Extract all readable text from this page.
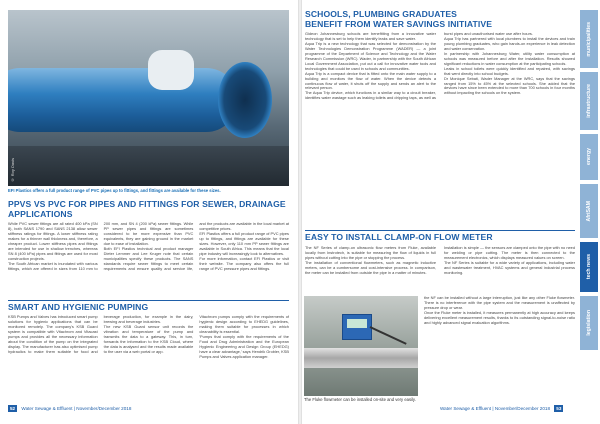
© Roy Davis
EFI Plastics offers a full product range of PVC pipes up to fittings, and fittings are available for these sizes.
PPVS VS PVC FOR PIPES AND FITTINGS FOR SEWER, DRAINAGE APPLICATIONS

While PVC sewer fittings are all rated 400 kPa (SN 8), both SANS 1790 and SANS 2138 allow sewer stiffness ratings for fittings. A lower stiffness rating makes for a thinner wall thickness and, therefore, a cheaper product. Lower stiffness pipes and fittings are intended for use in shallow trenches, whereas SN 8 (400 kPa) pipes and fittings are used for most construction projects.

The South African market is inundated with various fittings, which are offered in sizes from 110 mm to 200 mm, and SN 4 (200 kPa) sewer fittings. While PP sewer pipes and fittings are sometimes considered to be more expensive than PVC equivalents, they are gaining ground in the market due to ease of installation.

Both EFI Plastics technical and product manager Dieter Lemmer and Lee Kruger note that certain municipalities specify these products. The SANS standards require sewer fittings to meet certain requirements and ensure quality and service life, and the products are available in the local market at competitive prices.

EFI Plastics offers a full product range of PVC pipes up to fittings, and fittings are available for these sizes. However, only 110 mm PP sewer fittings are available in South Africa. This means that the local pipe industry will increasingly look to alternatives.

For more information, contact EFI Plastics or visit their website. The company also offers the full range of PVC pressure pipes and fittings.

SMART AND HYGIENIC PUMPING

KSB Pumps and Valves has introduced smart pump solutions for hygienic applications that can be monitored remotely. The company's KSB Guard system is compatible with Vitachrom and Vitacast pumps and provides all the necessary information about the condition of the pump on the integrated display. The manufacturer has also optimised pump hydraulics to make them suitable for food and beverage production, for example in the dairy, brewing and beverage industries.

The new KSB Guard sensor unit records the vibration and temperature of the pump and transmits the data to a gateway. This, in turn, forwards the information to the KSB Cloud, where the data is analysed and the results made available to the user via a web portal or app.

Vitachrom pumps comply with the requirements of hygienic design according to EHEDG guidelines, making them suitable for processes in which cleanability is essential.

'Pumps that comply with the requirements of the Food and Drug Administration and the European Hygienic Engineering and Design Group (EHEDG) have a clear advantage,' says Hendrik Grobler, KSB Pumps and Valves application manager.

52 Water Sewage & Effluent | November/December 2018
SCHOOLS, PLUMBING GRADUATES
BENEFIT FROM WATER SAVINGS INITIATIVE

Gideon Johannesburg schools are benefitting from a innovative water technology that is set to help them identify leaks and save water.

Aqua Trip is a new technology that was selected for demonstration by the Water Technologies Demonstration Programme (WADER) — a joint programme of the Department of Science and Technology and the Water Research Commission (WRC). Wader, in partnership with the South African Local Government Association, put out a call for innovative water tools and technologies that could be used in schools and communities.

Aqua Trip is a compact device that is fitted onto the main water supply to a building and monitors the flow of water. When the device detects a continuous flow of water, it shuts off the supply and sends an alert to the relevant person.

The Aqua Trip device, which functions in a similar way to a circuit breaker, identifies water wastage such as leaking toilets and dripping taps, as well as burst pipes and unauthorised water use after hours.

Aqua Trip has partnered with local plumbers to install the devices and train young plumbing graduates, who gain hands-on experience in leak detection and water conservation.

In partnership with Johannesburg Water, utility water consumption at schools was measured before and after the installation. Results showed significant reductions in water consumption at the participating schools.

Leaks in school toilets were quickly identified and repaired, with savings that went directly into school budgets.

Dr Monique Sebati, Wader Manager at the WRC, says that the savings ranged from 15% to 45% at the selected schools. She added that the devices have since been extended to more than 700 schools in four months without impacting the schools on the system.

EASY TO INSTALL CLAMP-ON FLOW METER

The NF Series of clamp-on ultrasonic flow meters from Fluke, available locally from Instrotech, is suitable for measuring the flow of liquids in full pipes without cutting into the pipe or stopping the process.

The installation of conventional flowmeters, such as magnetic inductive meters, can be a cumbersome and cost-intensive process. In comparison, the meter can be installed from outside the pipe in a matter of minutes.

Installation is simple — the sensors are clamped onto the pipe with no need for welding or pipe cutting. The meter is then connected to the measurement electronics, which displays measured values on screen.

The NF Series is suitable for a wide variety of applications, including water and wastewater treatment, HVAC systems and general industrial process monitoring.

the NF can be installed without a large interruption, just like any other Fluke flowmeter. There is no interference with the pipe system and the measurement is unaffected by pressure drop or wear.

Once the Fluke meter is installed, it measures permanently at high accuracy and keeps delivering excellent measurement results, thanks to its outstanding signal-to-noise ratio and highly advanced signal evaluation algorithms.

The Fluke flowmeter can be installed on-site and very easily.
Water Sewage & Effluent | November/December 2018 53
municipalities
infrastructure
energy
AfriSAM
tech news
legislation
